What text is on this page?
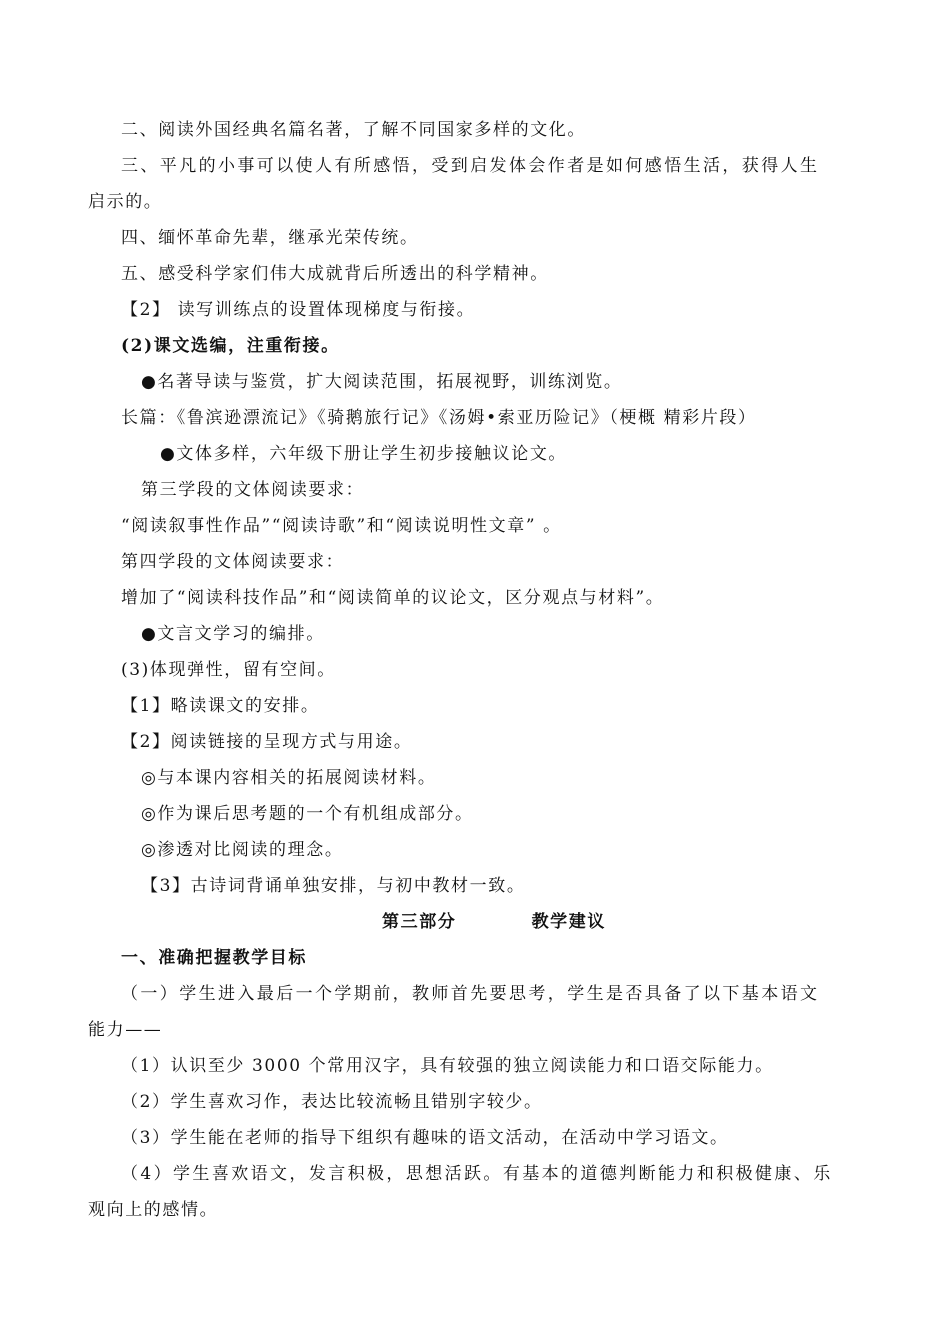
二、阅读外国经典名篇名著，了解不同国家多样的文化。
三、平凡的小事可以使人有所感悟，受到启发体会作者是如何感悟生活，获得人生
启示的。
四、缅怀革命先辈，继承光荣传统。
五、感受科学家们伟大成就背后所透出的科学精神。
【2】 读写训练点的设置体现梯度与衔接。
(2)课文选编，注重衔接。
●名著导读与鉴赏，扩大阅读范围，拓展视野，训练浏览。
长篇：《鲁滨逊漂流记》《骑鹅旅行记》《汤姆•索亚历险记》（梗概 精彩片段）
●文体多样，六年级下册让学生初步接触议论文。
第三学段的文体阅读要求：
“阅读叙事性作品”“阅读诗歌”和“阅读说明性文章” 。
第四学段的文体阅读要求：
增加了“阅读科技作品”和“阅读简单的议论文，区分观点与材料”。
●文言文学习的编排。
(3)体现弹性，留有空间。
【1】略读课文的安排。
【2】阅读链接的呈现方式与用途。
◎与本课内容相关的拓展阅读材料。
◎作为课后思考题的一个有机组成部分。
◎渗透对比阅读的理念。
【3】古诗词背诵单独安排，与初中教材一致。
第三部分          教学建议
一、准确把握教学目标
（一）学生进入最后一个学期前，教师首先要思考，学生是否具备了以下基本语文
能力——
（1）认识至少 3000 个常用汉字，具有较强的独立阅读能力和口语交际能力。
（2）学生喜欢习作，表达比较流畅且错别字较少。
（3）学生能在老师的指导下组织有趣味的语文活动，在活动中学习语文。
（4）学生喜欢语文，发言积极，思想活跃。有基本的道德判断能力和积极健康、乐
观向上的感情。
